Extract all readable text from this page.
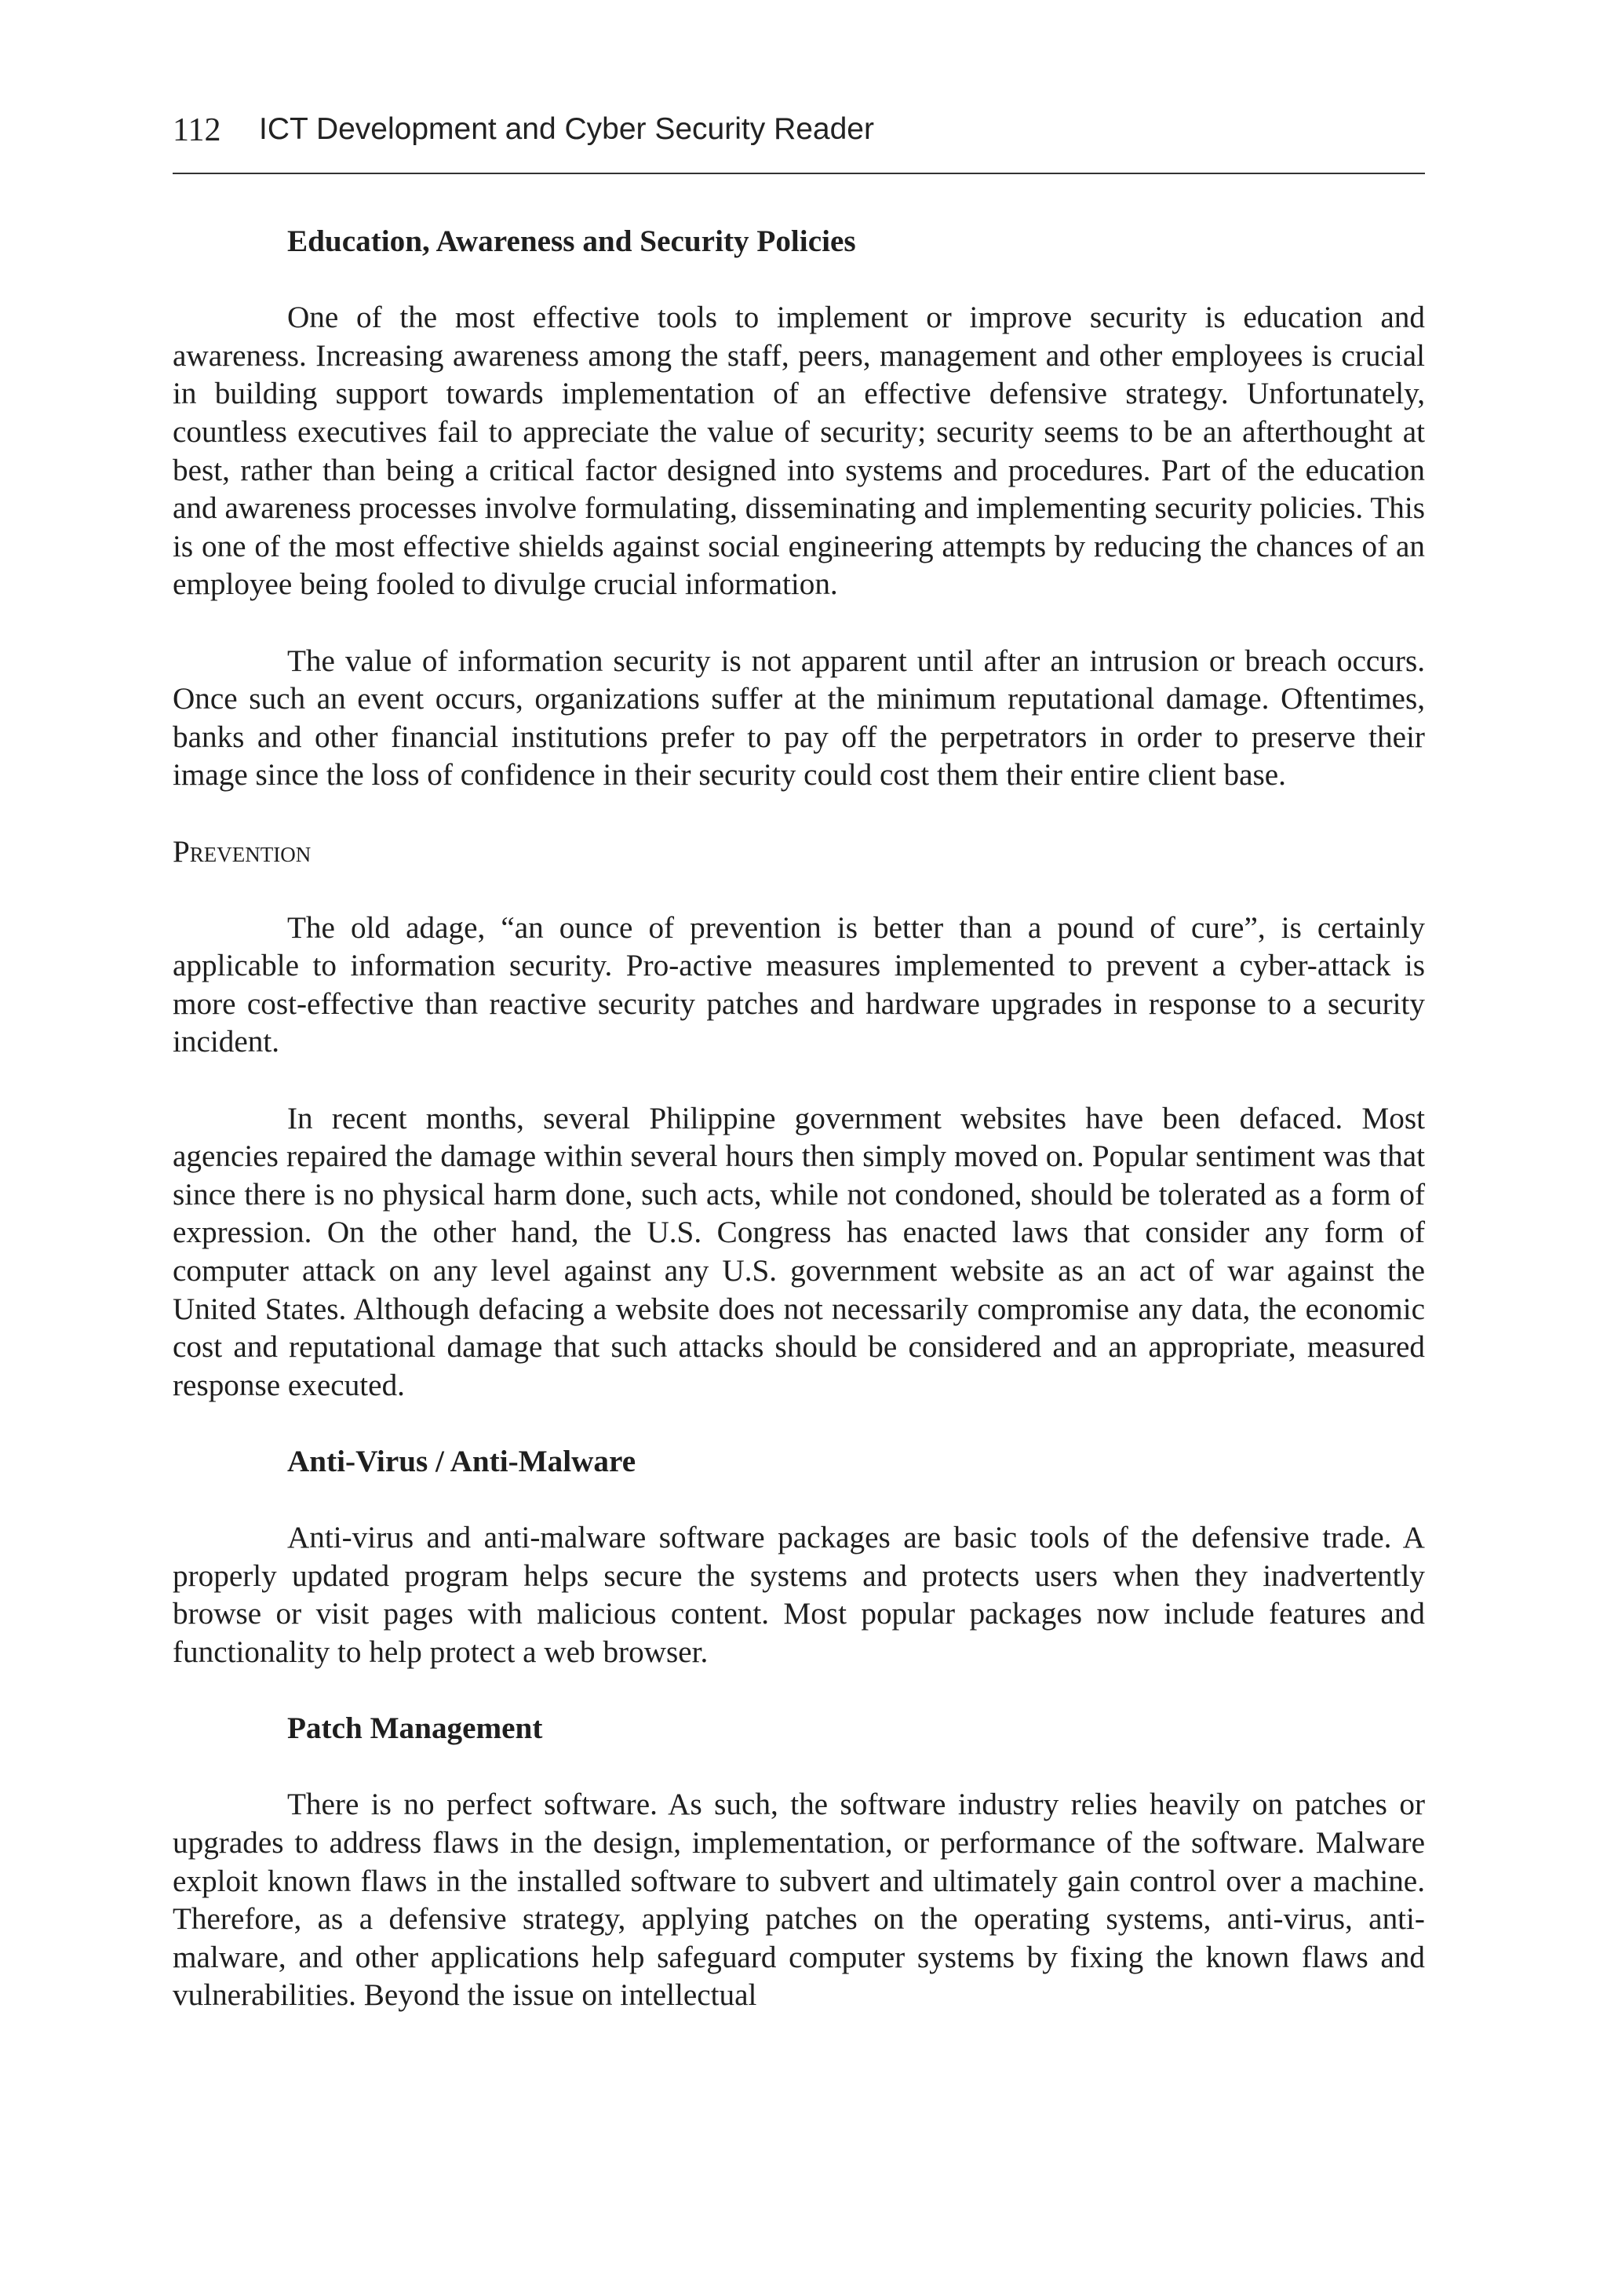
112 ICT Development and Cyber Security Reader
Education, Awareness and Security Policies

One of the most effective tools to implement or improve security is education and awareness. Increasing awareness among the staff, peers, management and other employees is crucial in building support towards implementation of an effective defensive strategy. Unfortunately, countless executives fail to appreciate the value of security; security seems to be an afterthought at best, rather than being a critical factor designed into systems and procedures. Part of the education and awareness processes involve formulating, disseminating and implementing security policies. This is one of the most effective shields against social engineering attempts by reducing the chances of an employee being fooled to divulge crucial information.

The value of information security is not apparent until after an intrusion or breach occurs. Once such an event occurs, organizations suffer at the minimum reputational damage. Oftentimes, banks and other financial institutions prefer to pay off the perpetrators in order to preserve their image since the loss of confidence in their security could cost them their entire client base.

Prevention

The old adage, “an ounce of prevention is better than a pound of cure”, is certainly applicable to information security. Pro-active measures implemented to prevent a cyber-attack is more cost-effective than reactive security patches and hardware upgrades in response to a security incident.

In recent months, several Philippine government websites have been defaced. Most agencies repaired the damage within several hours then simply moved on. Popular sentiment was that since there is no physical harm done, such acts, while not condoned, should be tolerated as a form of expression. On the other hand, the U.S. Congress has enacted laws that consider any form of computer attack on any level against any U.S. government website as an act of war against the United States. Although defacing a website does not necessarily compromise any data, the economic cost and reputational damage that such attacks should be considered and an appropriate, measured response executed.

Anti-Virus / Anti-Malware

Anti-virus and anti-malware software packages are basic tools of the defensive trade. A properly updated program helps secure the systems and protects users when they inadvertently browse or visit pages with malicious content. Most popular packages now include features and functionality to help protect a web browser.

Patch Management

There is no perfect software. As such, the software industry relies heavily on patches or upgrades to address flaws in the design, implementation, or performance of the software. Malware exploit known flaws in the installed software to subvert and ultimately gain control over a machine. Therefore, as a defensive strategy, applying patches on the operating systems, anti-virus, anti-malware, and other applications help safeguard computer systems by fixing the known flaws and vulnerabilities. Beyond the issue on intellectual
